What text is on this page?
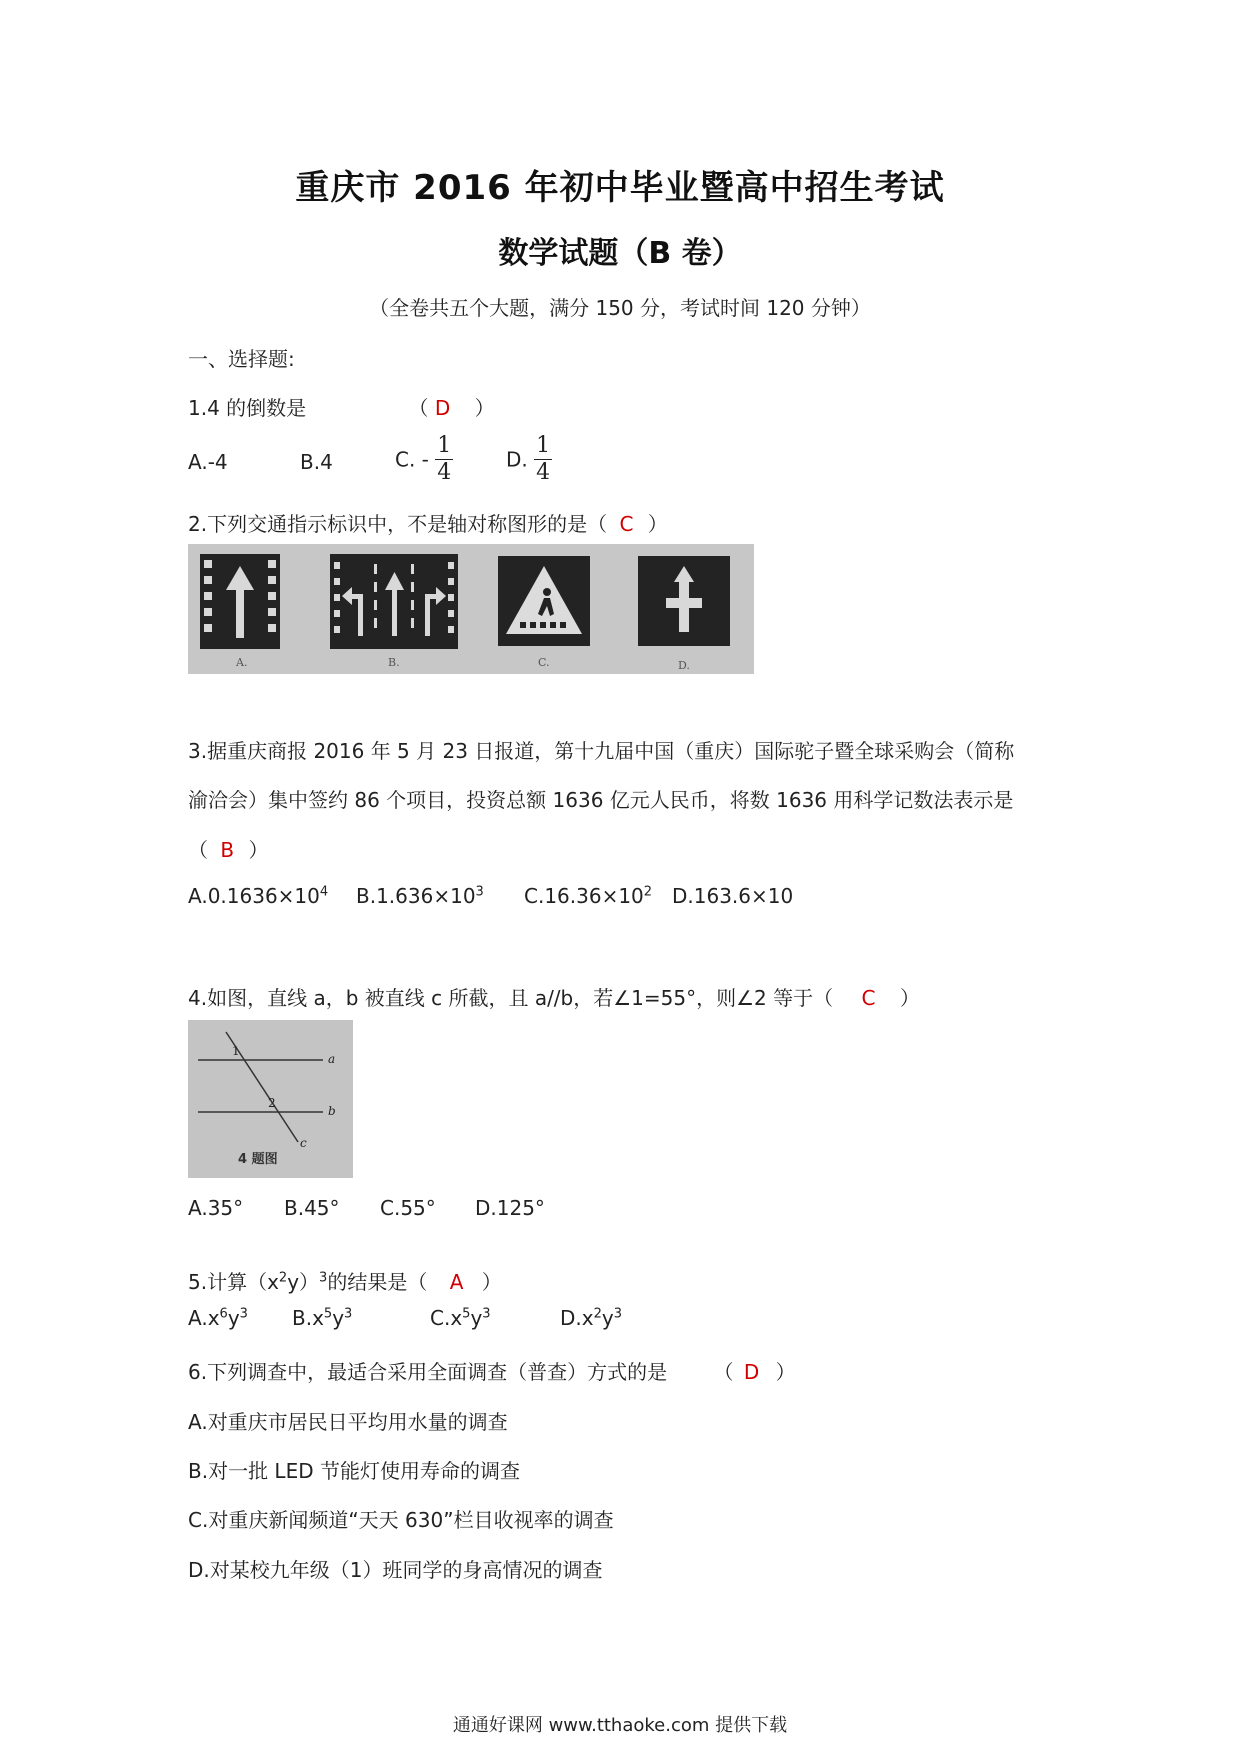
重庆市 2016 年初中毕业暨高中招生考试
数学试题（B 卷）
（全卷共五个大题，满分 150 分，考试时间 120 分钟）
一、选择题:
1.4 的倒数是	（ D ）
A.-4	B.4	C. - $\frac{1}{4}$	D. $\frac{1}{4}$
2.下列交通指示标识中，不是轴对称图形的是（ C ）
A.	B.	C.	D.
3.据重庆商报 2016 年 5 月 23 日报道，第十九届中国（重庆）国际驼子暨全球采购会（简称
渝洽会）集中签约 86 个项目，投资总额 1636 亿元人民币，将数 1636 用科学记数法表示是
（ B ）
$A.0.1636\times 10^4$ $B.1.636\times 10^3$ $C.16.36\times 10^2$ D.163.6×10
4.如图，直线 a，b 被直线 c 所截，且 a//b，若∠1=55°，则∠2 等于（ C ）
1
2
a
b
c
4 题图
A.35° B.45° C.55° D.125°
5.计算$(x^2y)^3$的结果是（ A ）
$A.x^6y^3$ $B.x^5y^3$	$C.x^5y^3$	$D.x^2y^3$
6.下列调查中，最适合采用全面调查（普查）方式的是 （ D ）
A.对重庆市居民日平均用水量的调查
B.对一批 LED 节能灯使用寿命的调查
C.对重庆新闻频道“天天 630”栏目收视率的调查
D.对某校九年级（1）班同学的身高情况的调查
通通好课网 www.tthaoke.com 提供下载
